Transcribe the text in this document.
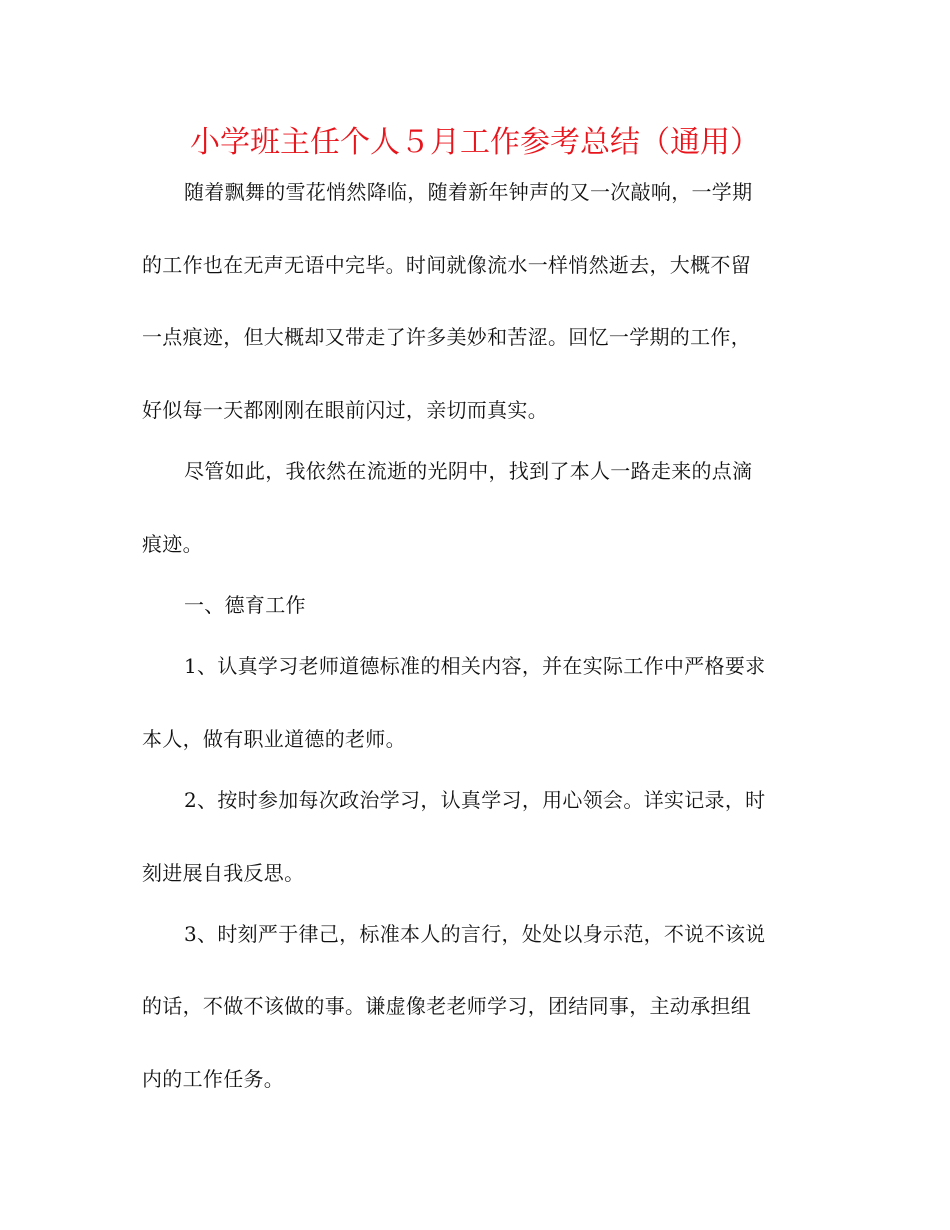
小学班主任个人５月工作参考总结（通用）
随着飘舞的雪花悄然降临，随着新年钟声的又一次敲响，一学期
的工作也在无声无语中完毕。时间就像流水一样悄然逝去，大概不留
一点痕迹，但大概却又带走了许多美妙和苦涩。回忆一学期的工作，
好似每一天都刚刚在眼前闪过，亲切而真实。
尽管如此，我依然在流逝的光阴中，找到了本人一路走来的点滴
痕迹。
一、德育工作
1、认真学习老师道德标准的相关内容，并在实际工作中严格要求
本人，做有职业道德的老师。
2、按时参加每次政治学习，认真学习，用心领会。详实记录，时
刻进展自我反思。
3、时刻严于律己，标准本人的言行，处处以身示范，不说不该说
的话，不做不该做的事。谦虚像老老师学习，团结同事，主动承担组
内的工作任务。
